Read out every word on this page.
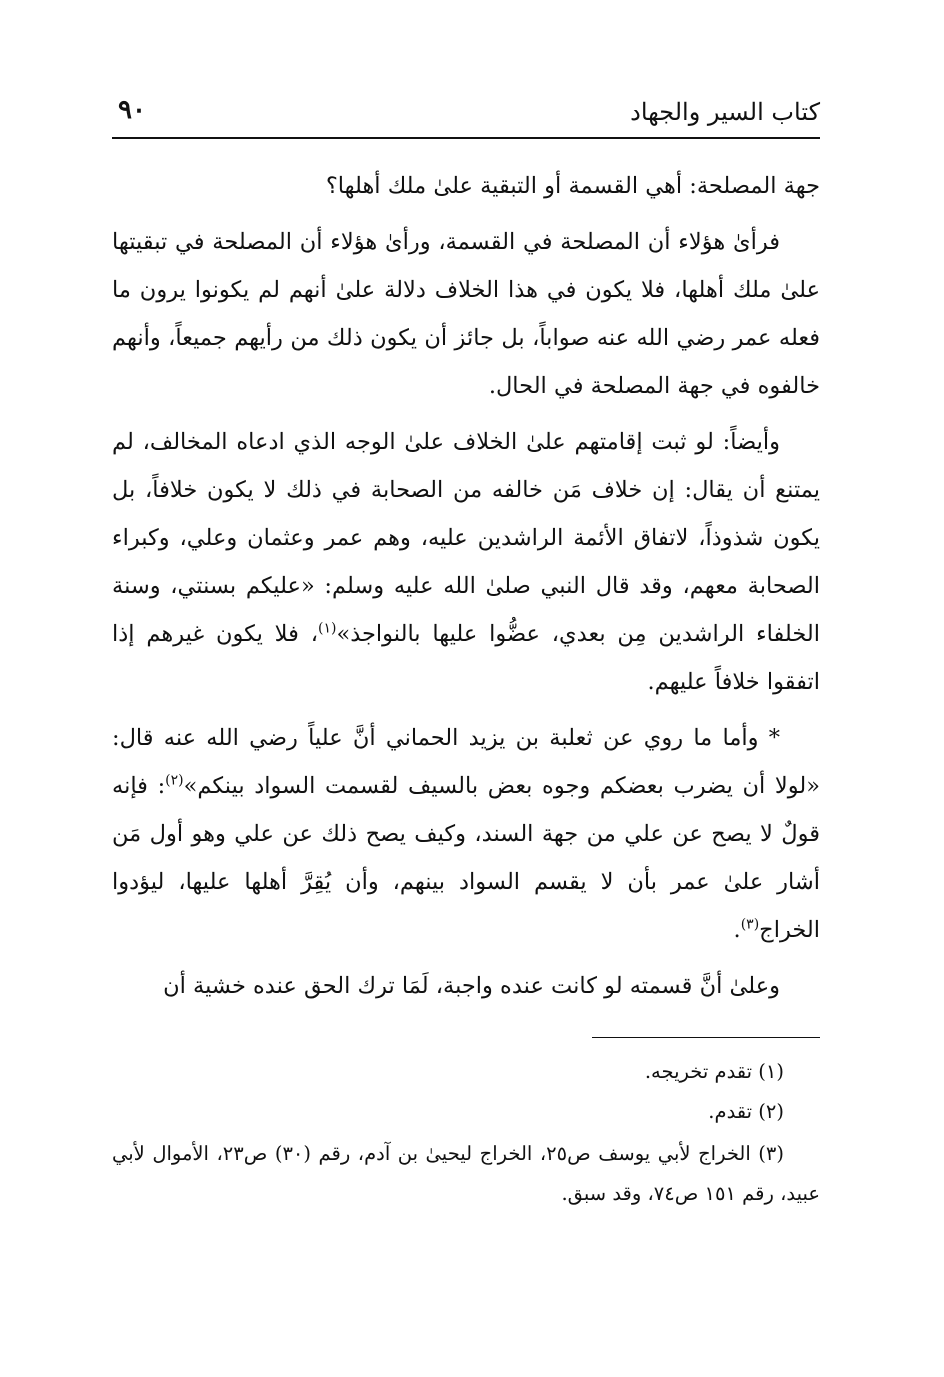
كتاب السير والجهاد
٩٠

جهة المصلحة: أهي القسمة أو التبقية علىٰ ملك أهلها؟

فرأىٰ هؤلاء أن المصلحة في القسمة، ورأىٰ هؤلاء أن المصلحة في تبقيتها علىٰ ملك أهلها، فلا يكون في هذا الخلاف دلالة علىٰ أنهم لم يكونوا يرون ما فعله عمر رضي الله عنه صواباً، بل جائز أن يكون ذلك من رأيهم جميعاً، وأنهم خالفوه في جهة المصلحة في الحال.

وأيضاً: لو ثبت إقامتهم علىٰ الخلاف علىٰ الوجه الذي ادعاه المخالف، لم يمتنع أن يقال: إن خلاف مَن خالفه من الصحابة في ذلك لا يكون خلافاً، بل يكون شذوذاً، لاتفاق الأئمة الراشدين عليه، وهم عمر وعثمان وعلي، وكبراء الصحابة معهم، وقد قال النبي صلىٰ الله عليه وسلم: «عليكم بسنتي، وسنة الخلفاء الراشدين مِن بعدي، عضُّوا عليها بالنواجذ»$^{(١)}$، فلا يكون غيرهم إذا اتفقوا خلافاً عليهم.

* وأما ما روي عن ثعلبة بن يزيد الحماني أنَّ علياً رضي الله عنه قال: «لولا أن يضرب بعضكم وجوه بعض بالسيف لقسمت السواد بينكم»$^{(٢)}$: فإنه قولٌ لا يصح عن علي من جهة السند، وكيف يصح ذلك عن علي وهو أول مَن أشار علىٰ عمر بأن لا يقسم السواد بينهم، وأن يُقِرَّ أهلها عليها، ليؤدوا الخراج$^{(٣)}$.

وعلىٰ أنَّ قسمته لو كانت عنده واجبة، لَمَا ترك الحق عنده خشية أن

(١) تقدم تخريجه.

(٢) تقدم.

(٣) الخراج لأبي يوسف ص٢٥، الخراج ليحيىٰ بن آدم، رقم (٣٠) ص٢٣، الأموال لأبي عبيد، رقم ١٥١ ص٧٤، وقد سبق.
